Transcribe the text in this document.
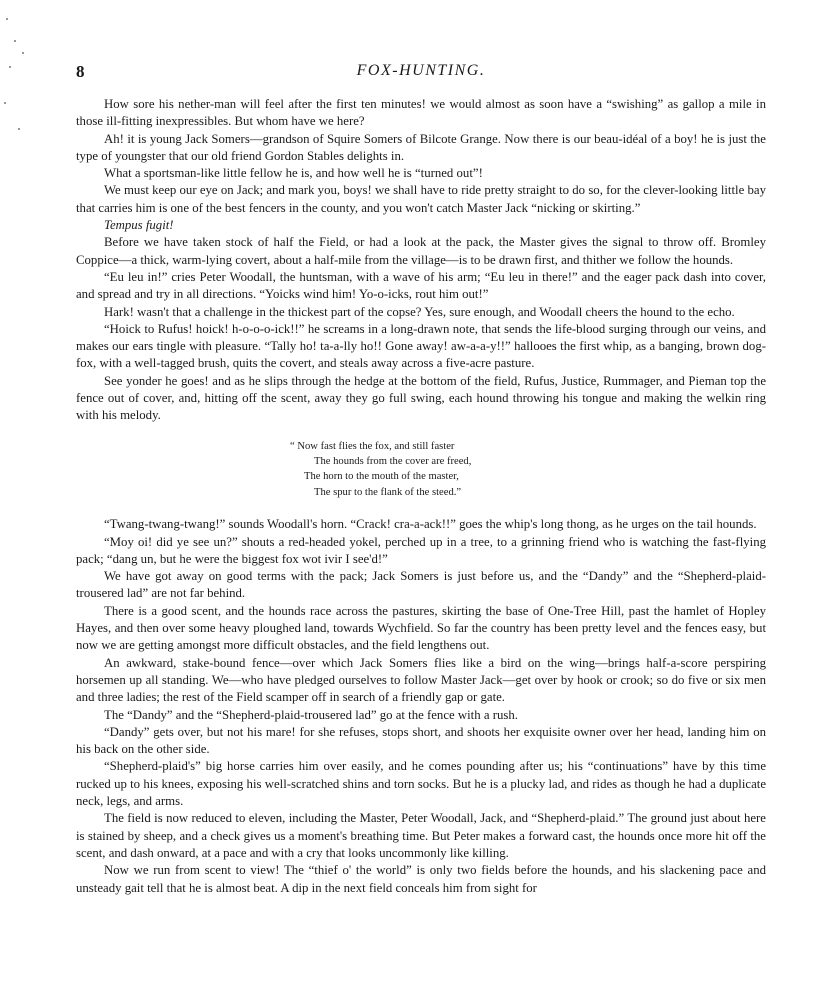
8	FOX-HUNTING.

How sore his nether-man will feel after the first ten minutes! we would almost as soon have a “swishing” as gallop a mile in those ill-fitting inexpressibles. But whom have we here?

Ah! it is young Jack Somers—grandson of Squire Somers of Bilcote Grange. Now there is our beau-idéal of a boy! he is just the type of youngster that our old friend Gordon Stables delights in.

What a sportsman-like little fellow he is, and how well he is “turned out”!

We must keep our eye on Jack; and mark you, boys! we shall have to ride pretty straight to do so, for the clever-looking little bay that carries him is one of the best fencers in the county, and you won't catch Master Jack “nicking or skirting.”

Tempus fugit!

Before we have taken stock of half the Field, or had a look at the pack, the Master gives the signal to throw off. Bromley Coppice—a thick, warm-lying covert, about a half-mile from the village—is to be drawn first, and thither we follow the hounds.

“Eu leu in!” cries Peter Woodall, the huntsman, with a wave of his arm; “Eu leu in there!” and the eager pack dash into cover, and spread and try in all directions. “Yoicks wind him! Yo-o-icks, rout him out!”

Hark! wasn't that a challenge in the thickest part of the copse? Yes, sure enough, and Woodall cheers the hound to the echo.

“Hoick to Rufus! hoick! h-o-o-o-ick!!” he screams in a long-drawn note, that sends the life-blood surging through our veins, and makes our ears tingle with pleasure. “Tally ho! ta-a-lly ho!! Gone away! aw-a-a-y!!” hallooes the first whip, as a banging, brown dog-fox, with a well-tagged brush, quits the covert, and steals away across a five-acre pasture.

See yonder he goes! and as he slips through the hedge at the bottom of the field, Rufus, Justice, Rummager, and Pieman top the fence out of cover, and, hitting off the scent, away they go full swing, each hound throwing his tongue and making the welkin ring with his melody.

“ Now fast flies the fox, and still faster
The hounds from the cover are freed,
The horn to the mouth of the master,
The spur to the flank of the steed.”

“Twang-twang-twang!” sounds Woodall's horn. “Crack! cra-a-ack!!” goes the whip's long thong, as he urges on the tail hounds.

“Moy oi! did ye see un?” shouts a red-headed yokel, perched up in a tree, to a grinning friend who is watching the fast-flying pack; “dang un, but he were the biggest fox wot ivir I see'd!”

We have got away on good terms with the pack; Jack Somers is just before us, and the “Dandy” and the “Shepherd-plaid-trousered lad” are not far behind.

There is a good scent, and the hounds race across the pastures, skirting the base of One-Tree Hill, past the hamlet of Hopley Hayes, and then over some heavy ploughed land, towards Wychfield. So far the country has been pretty level and the fences easy, but now we are getting amongst more difficult obstacles, and the field lengthens out.

An awkward, stake-bound fence—over which Jack Somers flies like a bird on the wing—brings half-a-score perspiring horsemen up all standing. We—who have pledged ourselves to follow Master Jack—get over by hook or crook; so do five or six men and three ladies; the rest of the Field scamper off in search of a friendly gap or gate.

The “Dandy” and the “Shepherd-plaid-trousered lad” go at the fence with a rush.

“Dandy” gets over, but not his mare! for she refuses, stops short, and shoots her exquisite owner over her head, landing him on his back on the other side.

“Shepherd-plaid's” big horse carries him over easily, and he comes pounding after us; his “continuations” have by this time rucked up to his knees, exposing his well-scratched shins and torn socks. But he is a plucky lad, and rides as though he had a duplicate neck, legs, and arms.

The field is now reduced to eleven, including the Master, Peter Woodall, Jack, and “Shepherd-plaid.” The ground just about here is stained by sheep, and a check gives us a moment's breathing time. But Peter makes a forward cast, the hounds once more hit off the scent, and dash onward, at a pace and with a cry that looks uncommonly like killing.

Now we run from scent to view! The “thief o' the world” is only two fields before the hounds, and his slackening pace and unsteady gait tell that he is almost beat. A dip in the next field conceals him from sight for
